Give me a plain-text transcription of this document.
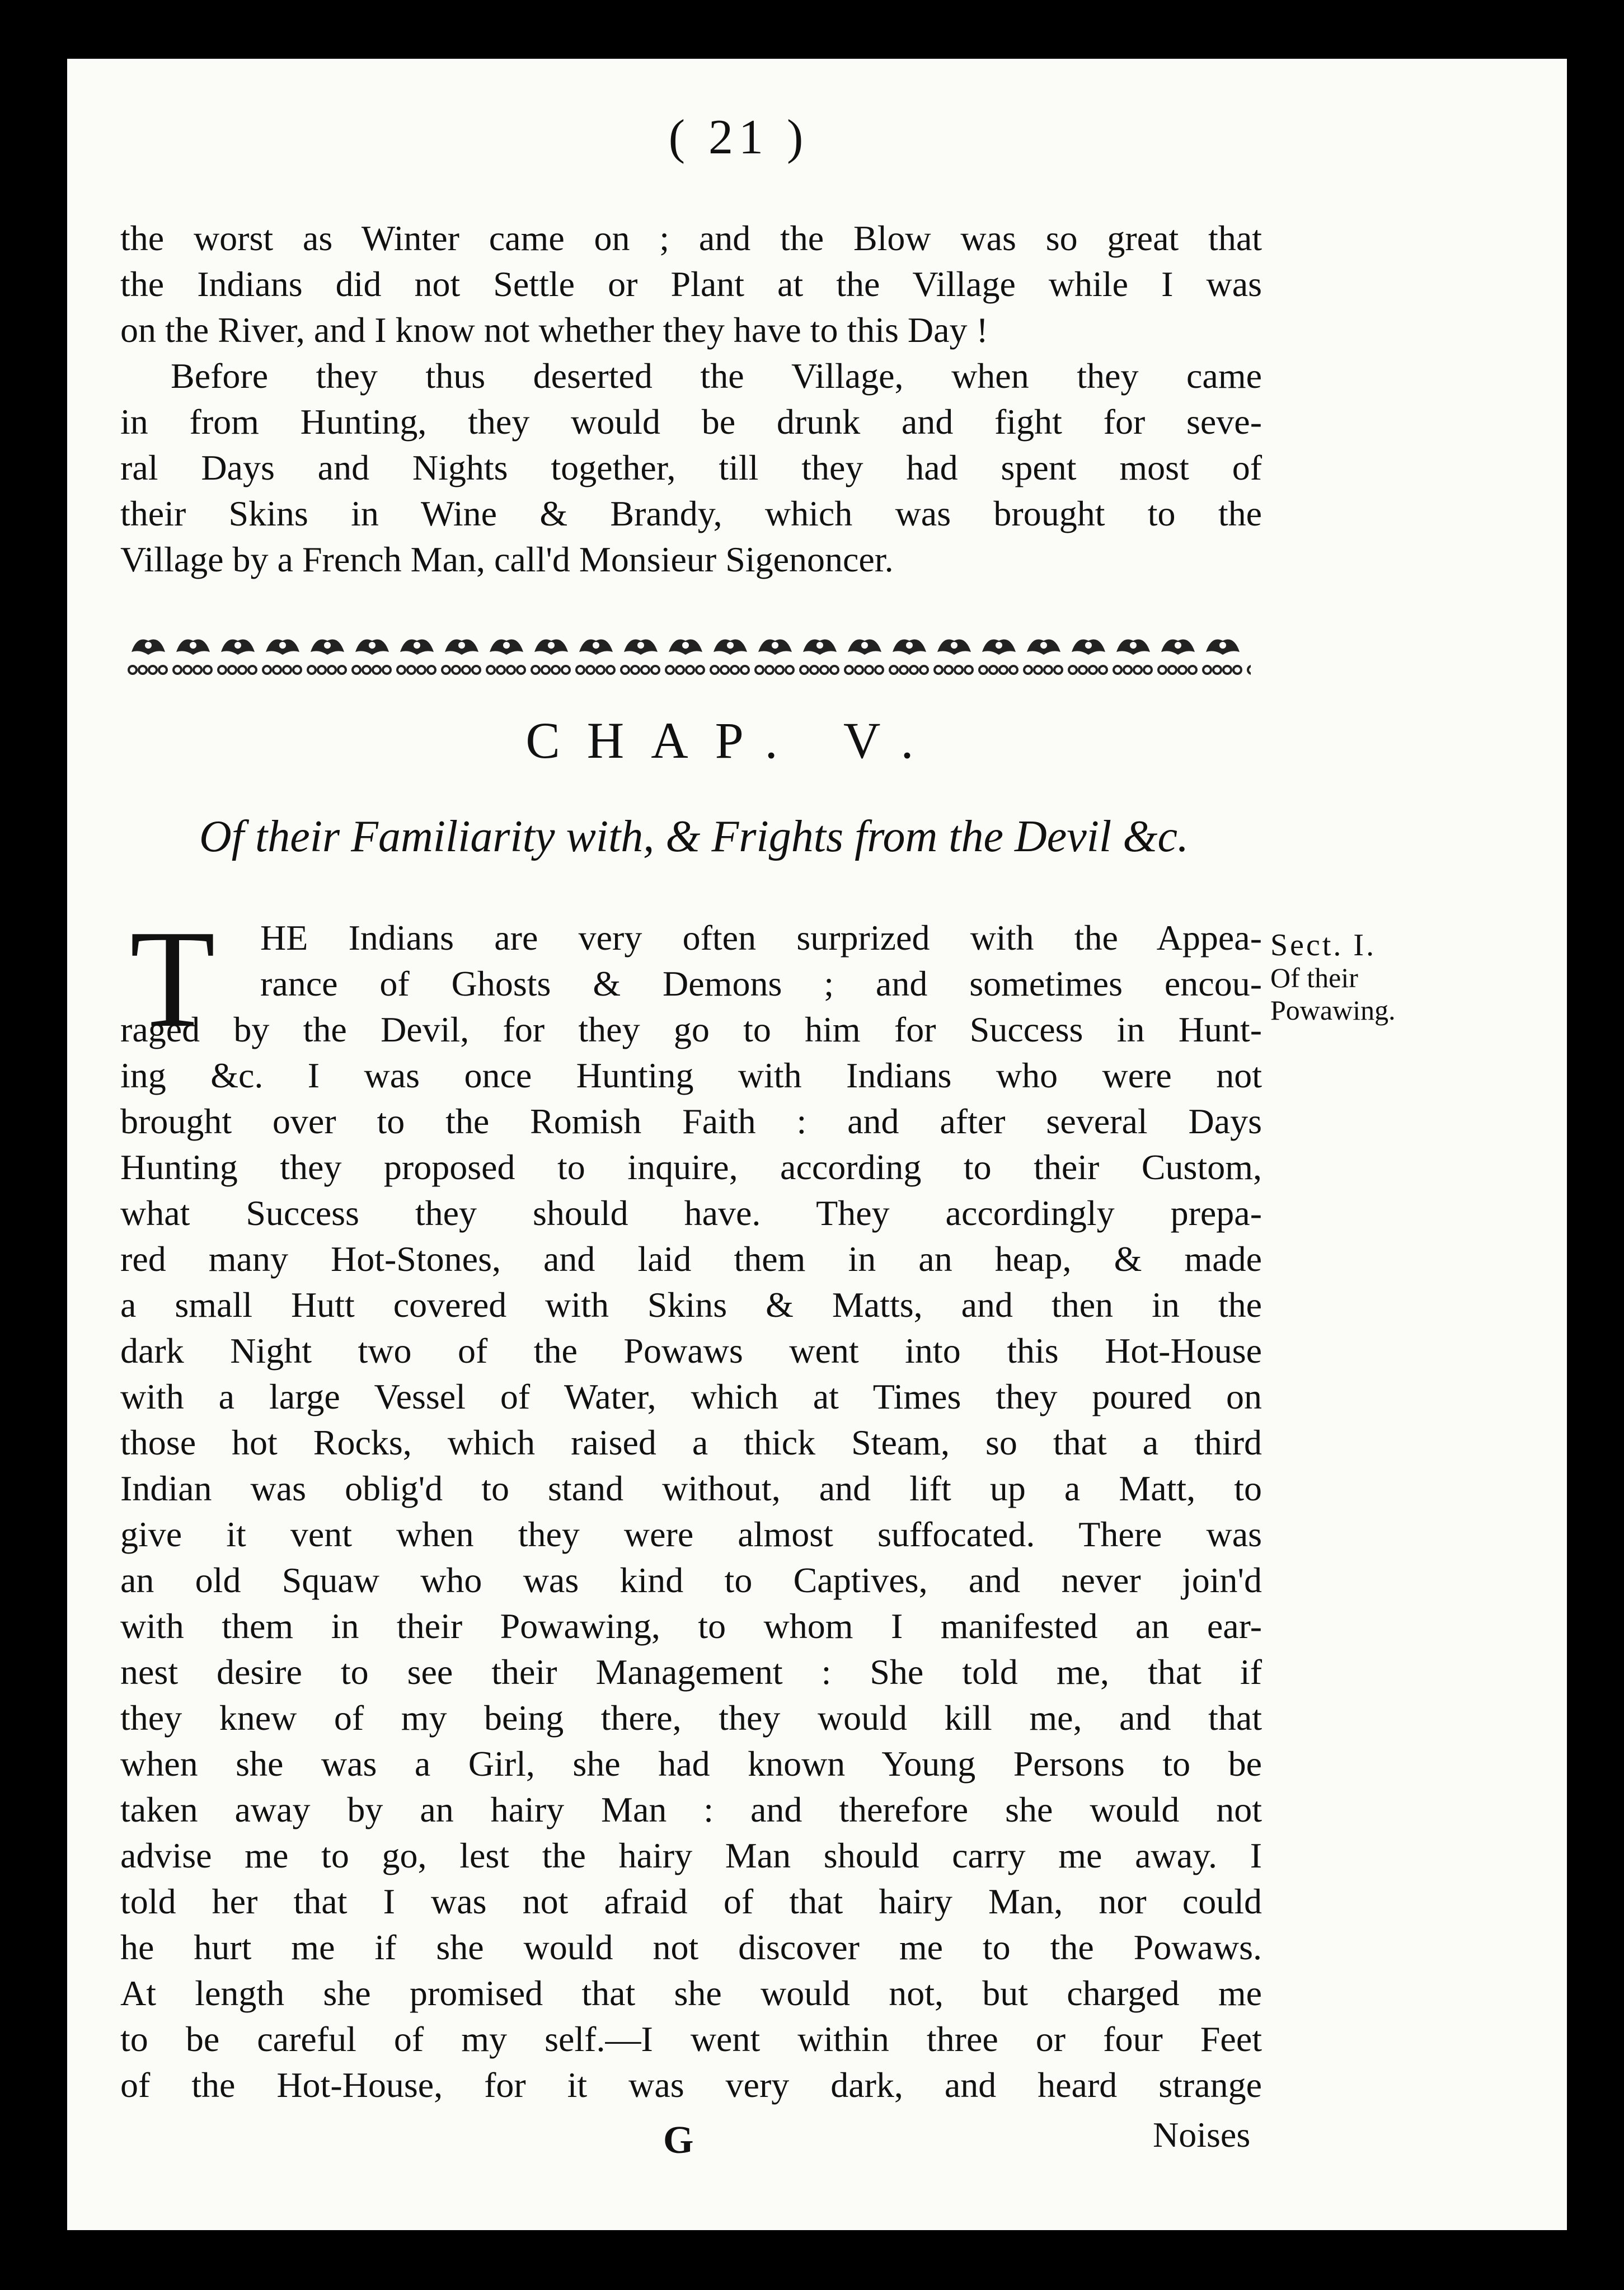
( 21 )
the worst as Winter came on ; and the Blow was so great that
the Indians did not Settle or Plant at the Village while I was
on the River, and I know not whether they have to this Day !
Before they thus deserted the Village, when they came
in from Hunting, they would be drunk and fight for seve-
ral Days and Nights together, till they had spent most of
their Skins in Wine & Brandy, which was brought to the
Village by a French Man, call'd Monsieur Sigenoncer.
CHAP. V.
Of their Familiarity with, & Frights from the Devil &c.
T	Sect. I.
Of their Powawing.
HE Indians are very often surprized with the Appea-
rance of Ghosts & Demons ; and sometimes encou-
raged by the Devil, for they go to him for Success in Hunt-
ing &c. I was once Hunting with Indians who were not
brought over to the Romish Faith : and after several Days
Hunting they proposed to inquire, according to their Custom,
what Success they should have. They accordingly prepa-
red many Hot-Stones, and laid them in an heap, & made
a small Hutt covered with Skins & Matts, and then in the
dark Night two of the Powaws went into this Hot-House
with a large Vessel of Water, which at Times they poured on
those hot Rocks, which raised a thick Steam, so that a third
Indian was oblig'd to stand without, and lift up a Matt, to
give it vent when they were almost suffocated. There was
an old Squaw who was kind to Captives, and never join'd
with them in their Powawing, to whom I manifested an ear-
nest desire to see their Management : She told me, that if
they knew of my being there, they would kill me, and that
when she was a Girl, she had known Young Persons to be
taken away by an hairy Man : and therefore she would not
advise me to go, lest the hairy Man should carry me away. I
told her that I was not afraid of that hairy Man, nor could
he hurt me if she would not discover me to the Powaws.
At length she promised that she would not, but charged me
to be careful of my self.—I went within three or four Feet
of the Hot-House, for it was very dark, and heard strange
G	Noises
